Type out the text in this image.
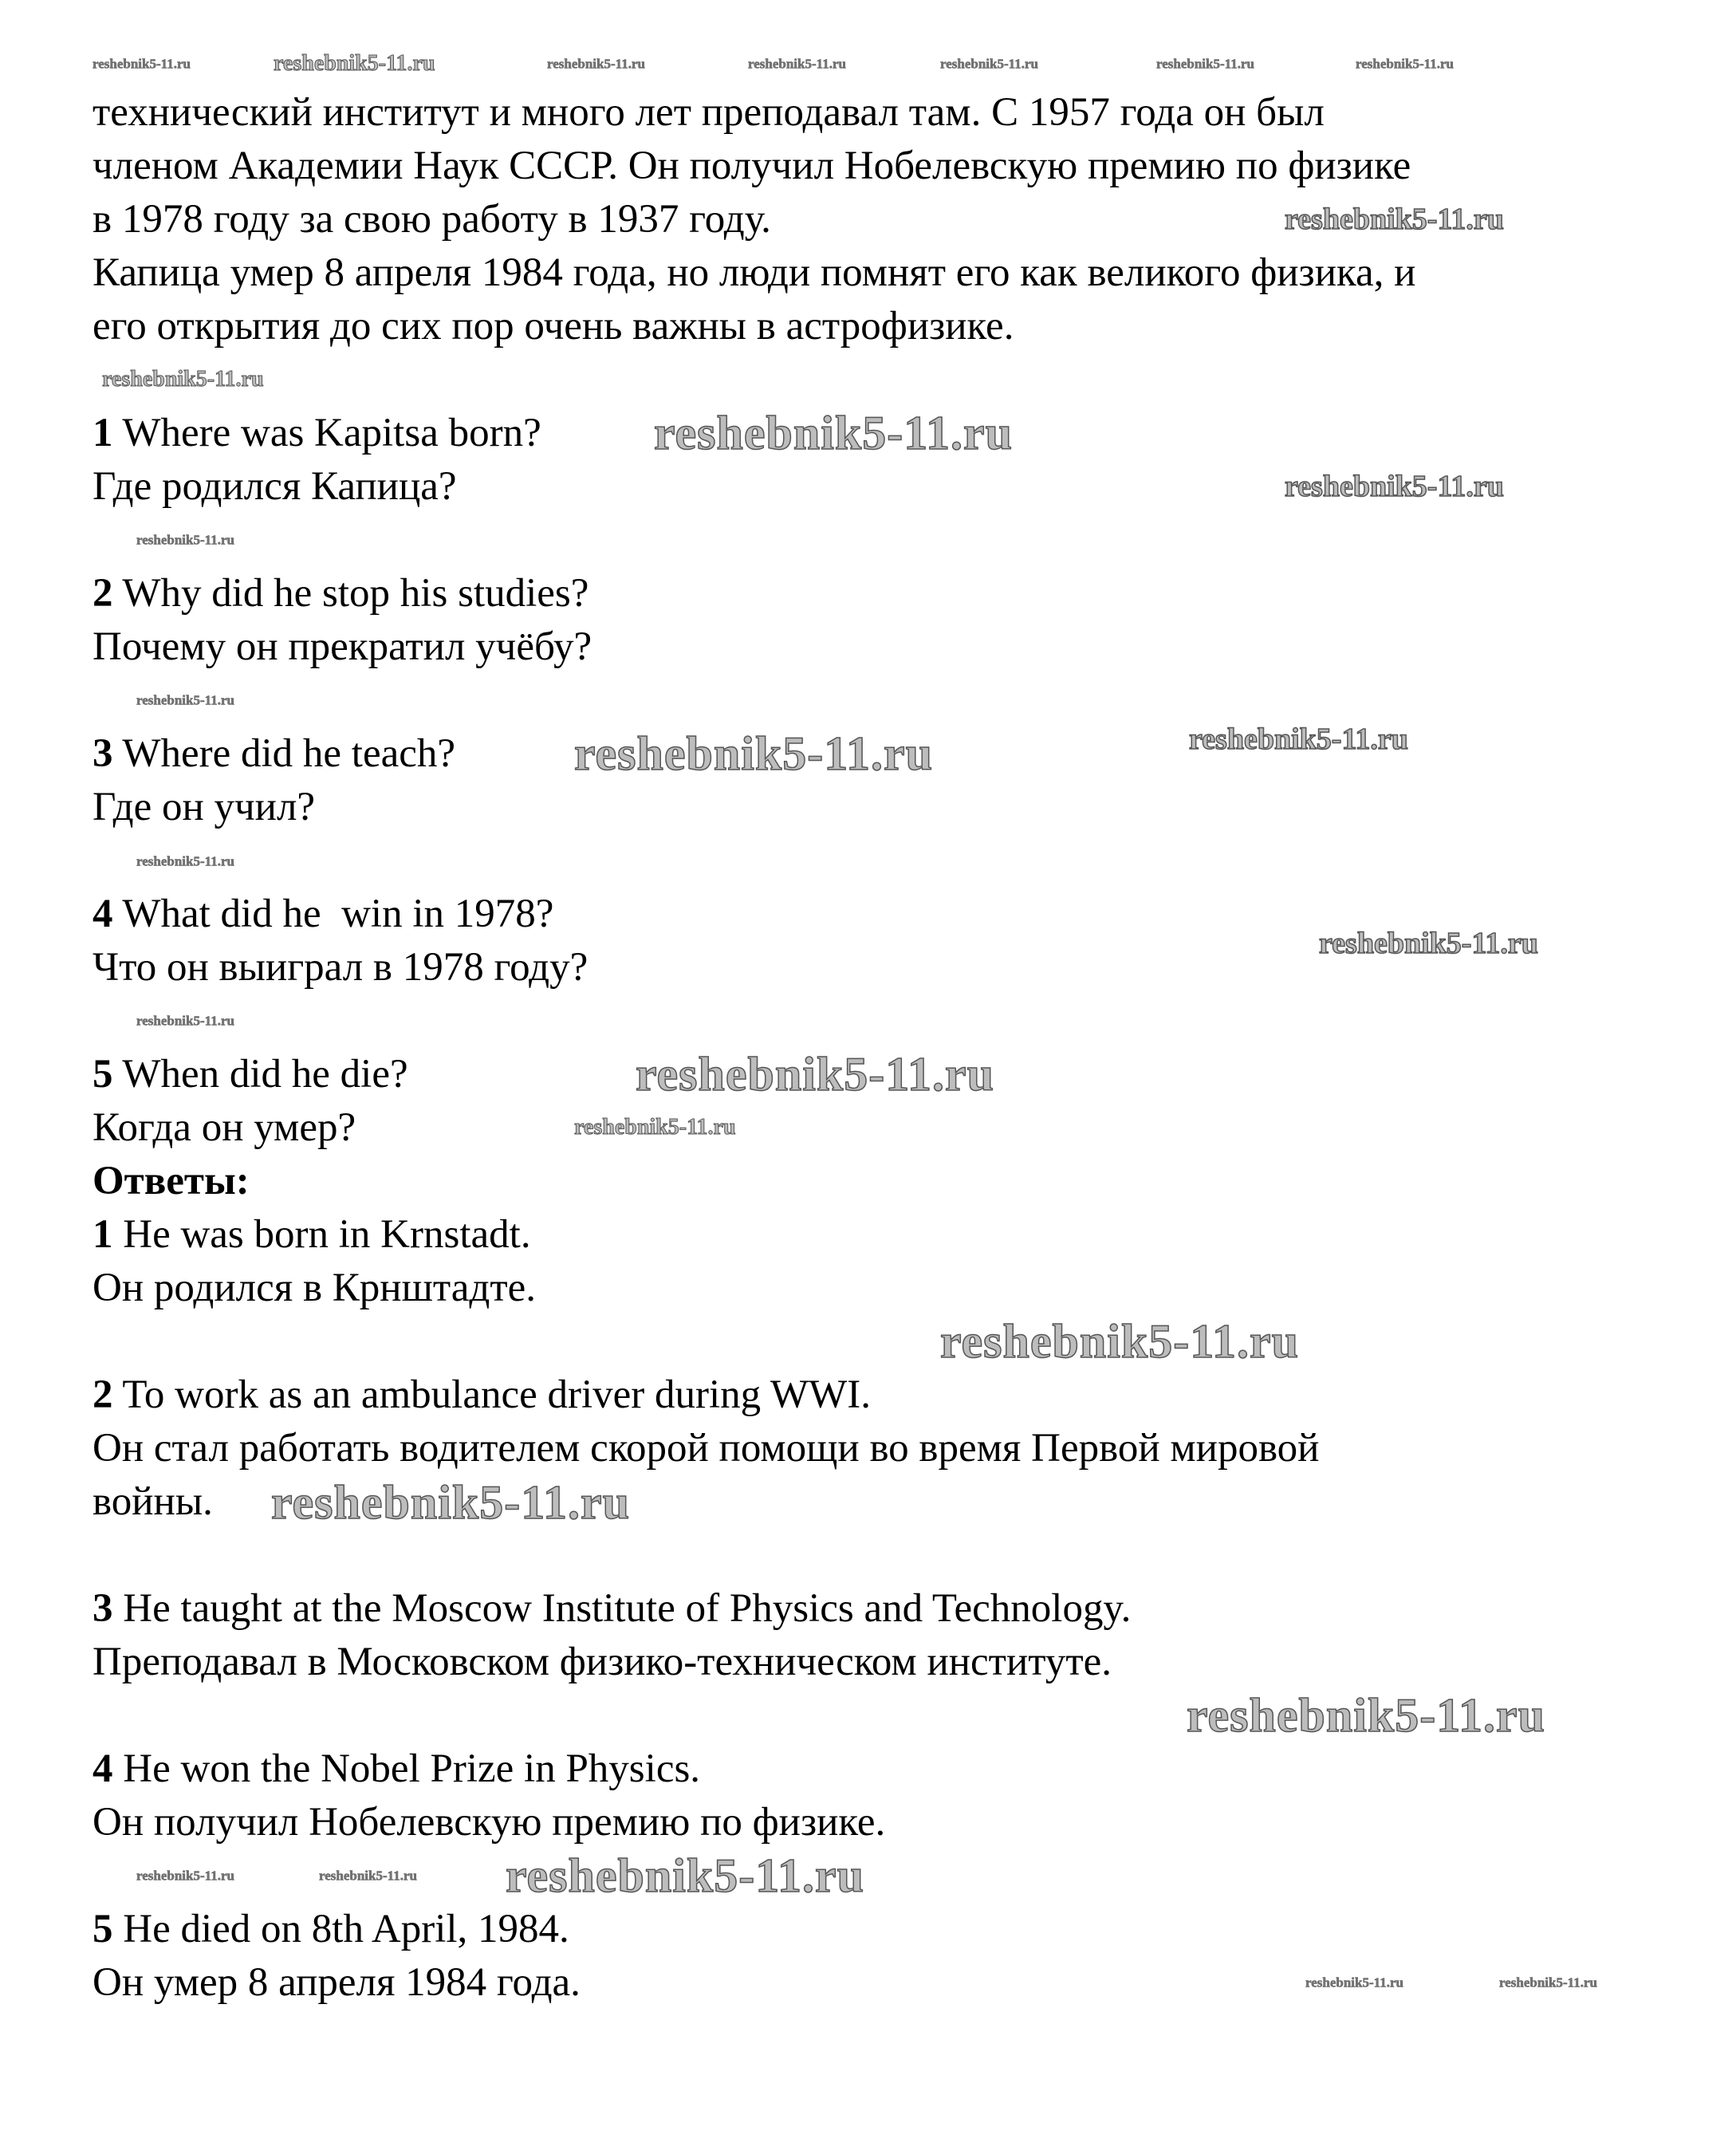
технический институт и много лет преподавал там. С 1957 года он был
членом Академии Наук СССР. Он получил Нобелевскую премию по физике
в 1978 году за свою работу в 1937 году.
Капица умер 8 апреля 1984 года, но люди помнят его как великого физика, и
его открытия до сих пор очень важны в астрофизике.
1 Where was Kapitsa born?
Где родился Капица?
2 Why did he stop his studies?
Почему он прекратил учёбу?
3 Where did he teach?
Где он учил?
4 What did he  win in 1978?
Что он выиграл в 1978 году?
5 When did he die?
Когда он умер?
Ответы:
1 He was born in Krnstadt.
Он родился в Крнштадте.
2 To work as an ambulance driver during WWI.
Он стал работать водителем скорой помощи во время Первой мировой
войны.
3 He taught at the Moscow Institute of Physics and Technology.
Преподавал в Московском физико-техническом институте.
4 He won the Nobel Prize in Physics.
Он получил Нобелевскую премию по физике.
5 He died on 8th April, 1984.
Он умер 8 апреля 1984 года.
reshebnik5-11.ru	reshebnik5-11.ru	reshebnik5-11.ru	reshebnik5-11.ru	reshebnik5-11.ru	reshebnik5-11.ru	reshebnik5-11.ru
reshebnik5-11.ru
reshebnik5-11.ru
reshebnik5-11.ru
reshebnik5-11.ru
reshebnik5-11.ru
reshebnik5-11.ru
reshebnik5-11.ru	reshebnik5-11.ru
reshebnik5-11.ru
reshebnik5-11.ru
reshebnik5-11.ru
reshebnik5-11.ru
reshebnik5-11.ru
reshebnik5-11.ru
reshebnik5-11.ru
reshebnik5-11.ru
reshebnik5-11.ru	reshebnik5-11.ru
reshebnik5-11.ru
reshebnik5-11.ru	reshebnik5-11.ru
